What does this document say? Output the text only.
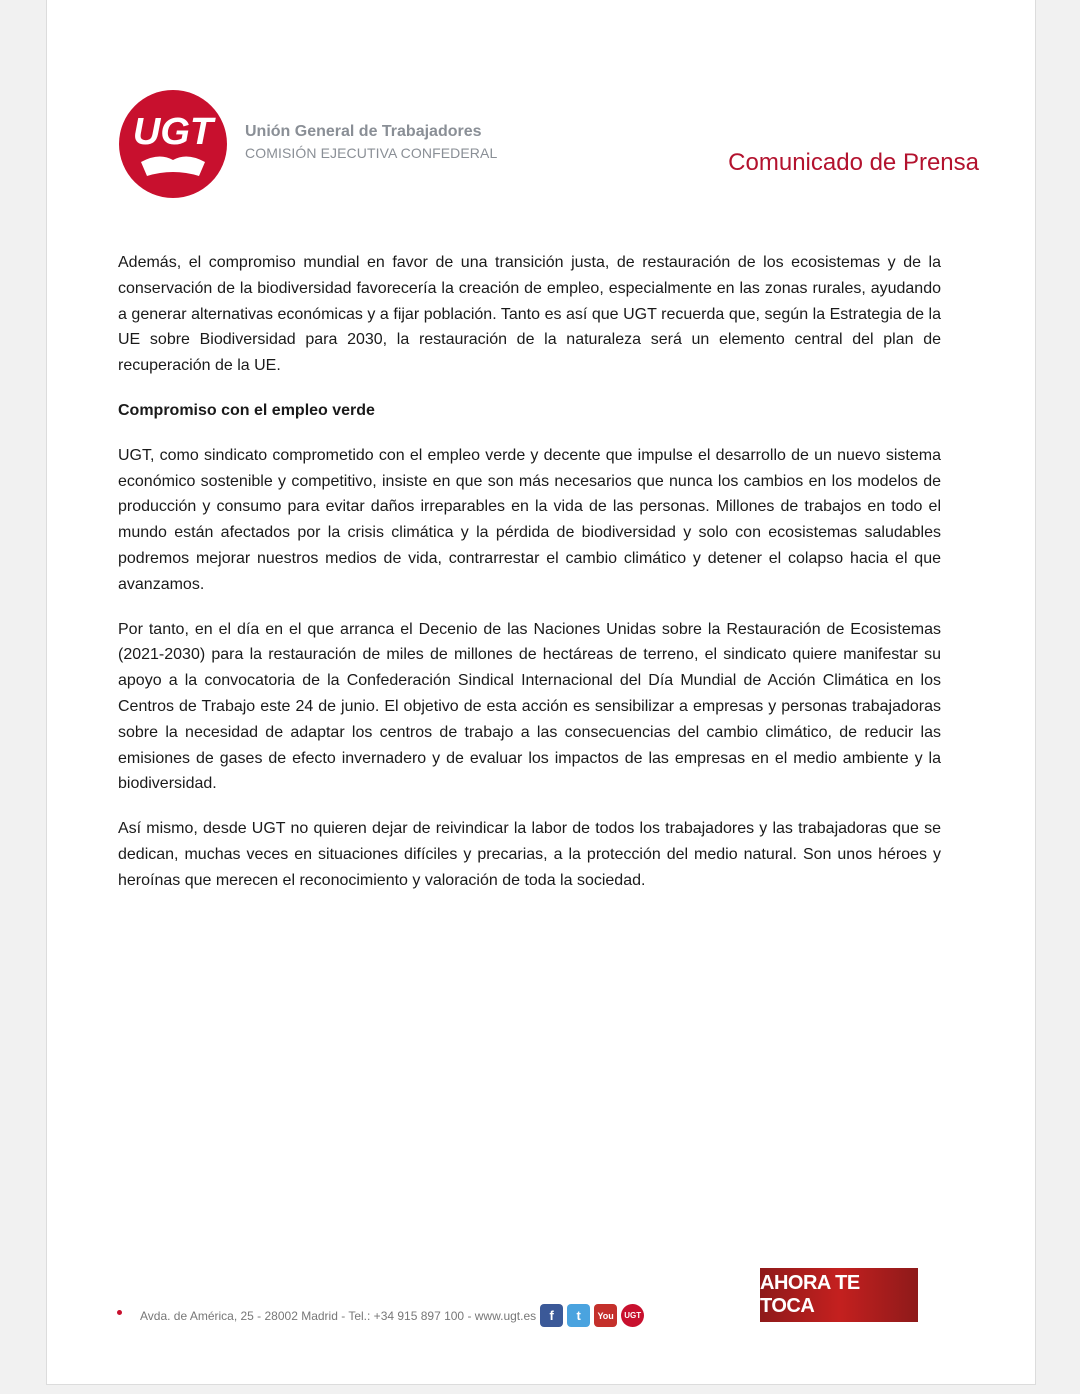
UGT Unión General de Trabajadores
COMISIÓN EJECUTIVA CONFEDERAL	Comunicado de Prensa

Además, el compromiso mundial en favor de una transición justa, de restauración de los ecosistemas y de la conservación de la biodiversidad favorecería la creación de empleo, especialmente en las zonas rurales, ayudando a generar alternativas económicas y a fijar población. Tanto es así que UGT recuerda que, según la Estrategia de la UE sobre Biodiversidad para 2030, la restauración de la naturaleza será un elemento central del plan de recuperación de la UE.

Compromiso con el empleo verde

UGT, como sindicato comprometido con el empleo verde y decente que impulse el desarrollo de un nuevo sistema económico sostenible y competitivo, insiste en que son más necesarios que nunca los cambios en los modelos de producción y consumo para evitar daños irreparables en la vida de las personas. Millones de trabajos en todo el mundo están afectados por la crisis climática y la pérdida de biodiversidad y solo con ecosistemas saludables podremos mejorar nuestros medios de vida, contrarrestar el cambio climático y detener el colapso hacia el que avanzamos.

Por tanto, en el día en el que arranca el Decenio de las Naciones Unidas sobre la Restauración de Ecosistemas (2021-2030) para la restauración de miles de millones de hectáreas de terreno, el sindicato quiere manifestar su apoyo a la convocatoria de la Confederación Sindical Internacional del Día Mundial de Acción Climática en los Centros de Trabajo este 24 de junio. El objetivo de esta acción es sensibilizar a empresas y personas trabajadoras sobre la necesidad de adaptar los centros de trabajo a las consecuencias del cambio climático, de reducir las emisiones de gases de efecto invernadero y de evaluar los impactos de las empresas en el medio ambiente y la biodiversidad.

Así mismo, desde UGT no quieren dejar de reivindicar la labor de todos los trabajadores y las trabajadoras que se dedican, muchas veces en situaciones difíciles y precarias, a la protección del medio natural. Son unos héroes y heroínas que merecen el reconocimiento y valoración de toda la sociedad.

Avda. de América, 25 - 28002 Madrid - Tel.: +34 915 897 100 - www.ugt.es	f	t	You	UGT
AHORA TE TOCA
